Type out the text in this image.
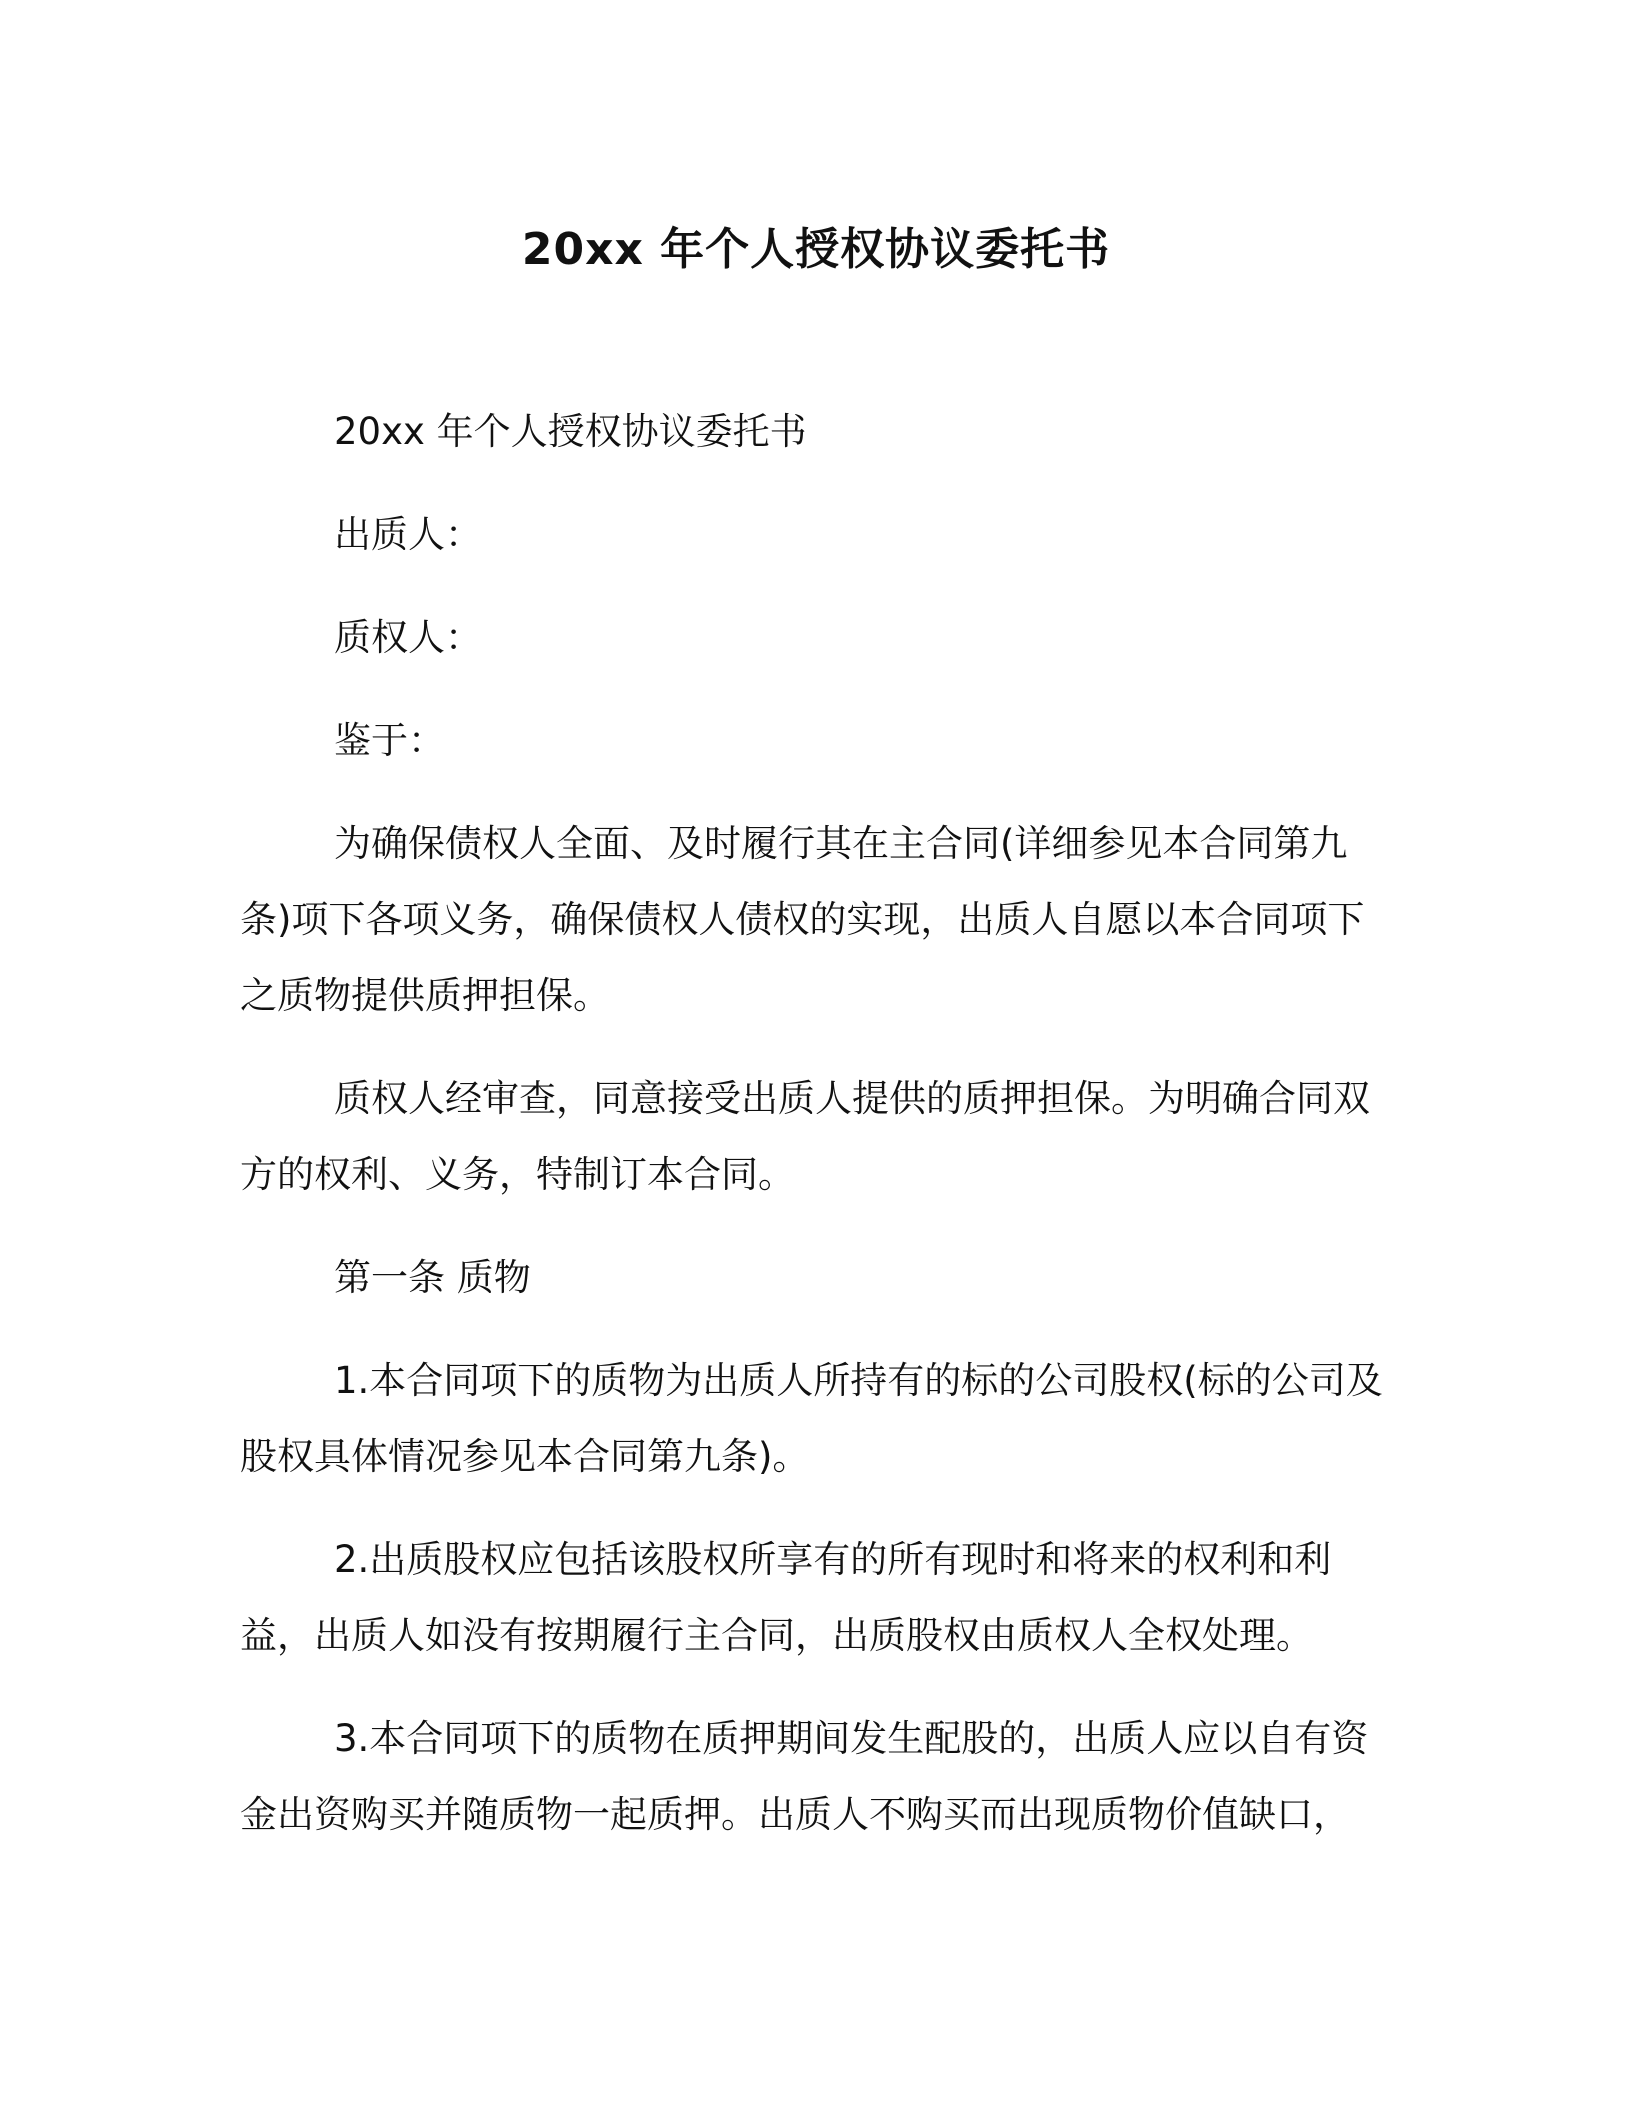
20xx 年个人授权协议委托书

20xx 年个人授权协议委托书

出质人：

质权人：

鉴于：

为确保债权人全面、及时履行其在主合同(详细参见本合同第九条)项下各项义务，确保债权人债权的实现，出质人自愿以本合同项下之质物提供质押担保。

质权人经审查，同意接受出质人提供的质押担保。为明确合同双方的权利、义务，特制订本合同。

第一条 质物

1.本合同项下的质物为出质人所持有的标的公司股权(标的公司及股权具体情况参见本合同第九条)。

2.出质股权应包括该股权所享有的所有现时和将来的权利和利益，出质人如没有按期履行主合同，出质股权由质权人全权处理。

3.本合同项下的质物在质押期间发生配股的，出质人应以自有资金出资购买并随质物一起质押。出质人不购买而出现质物价值缺口，
